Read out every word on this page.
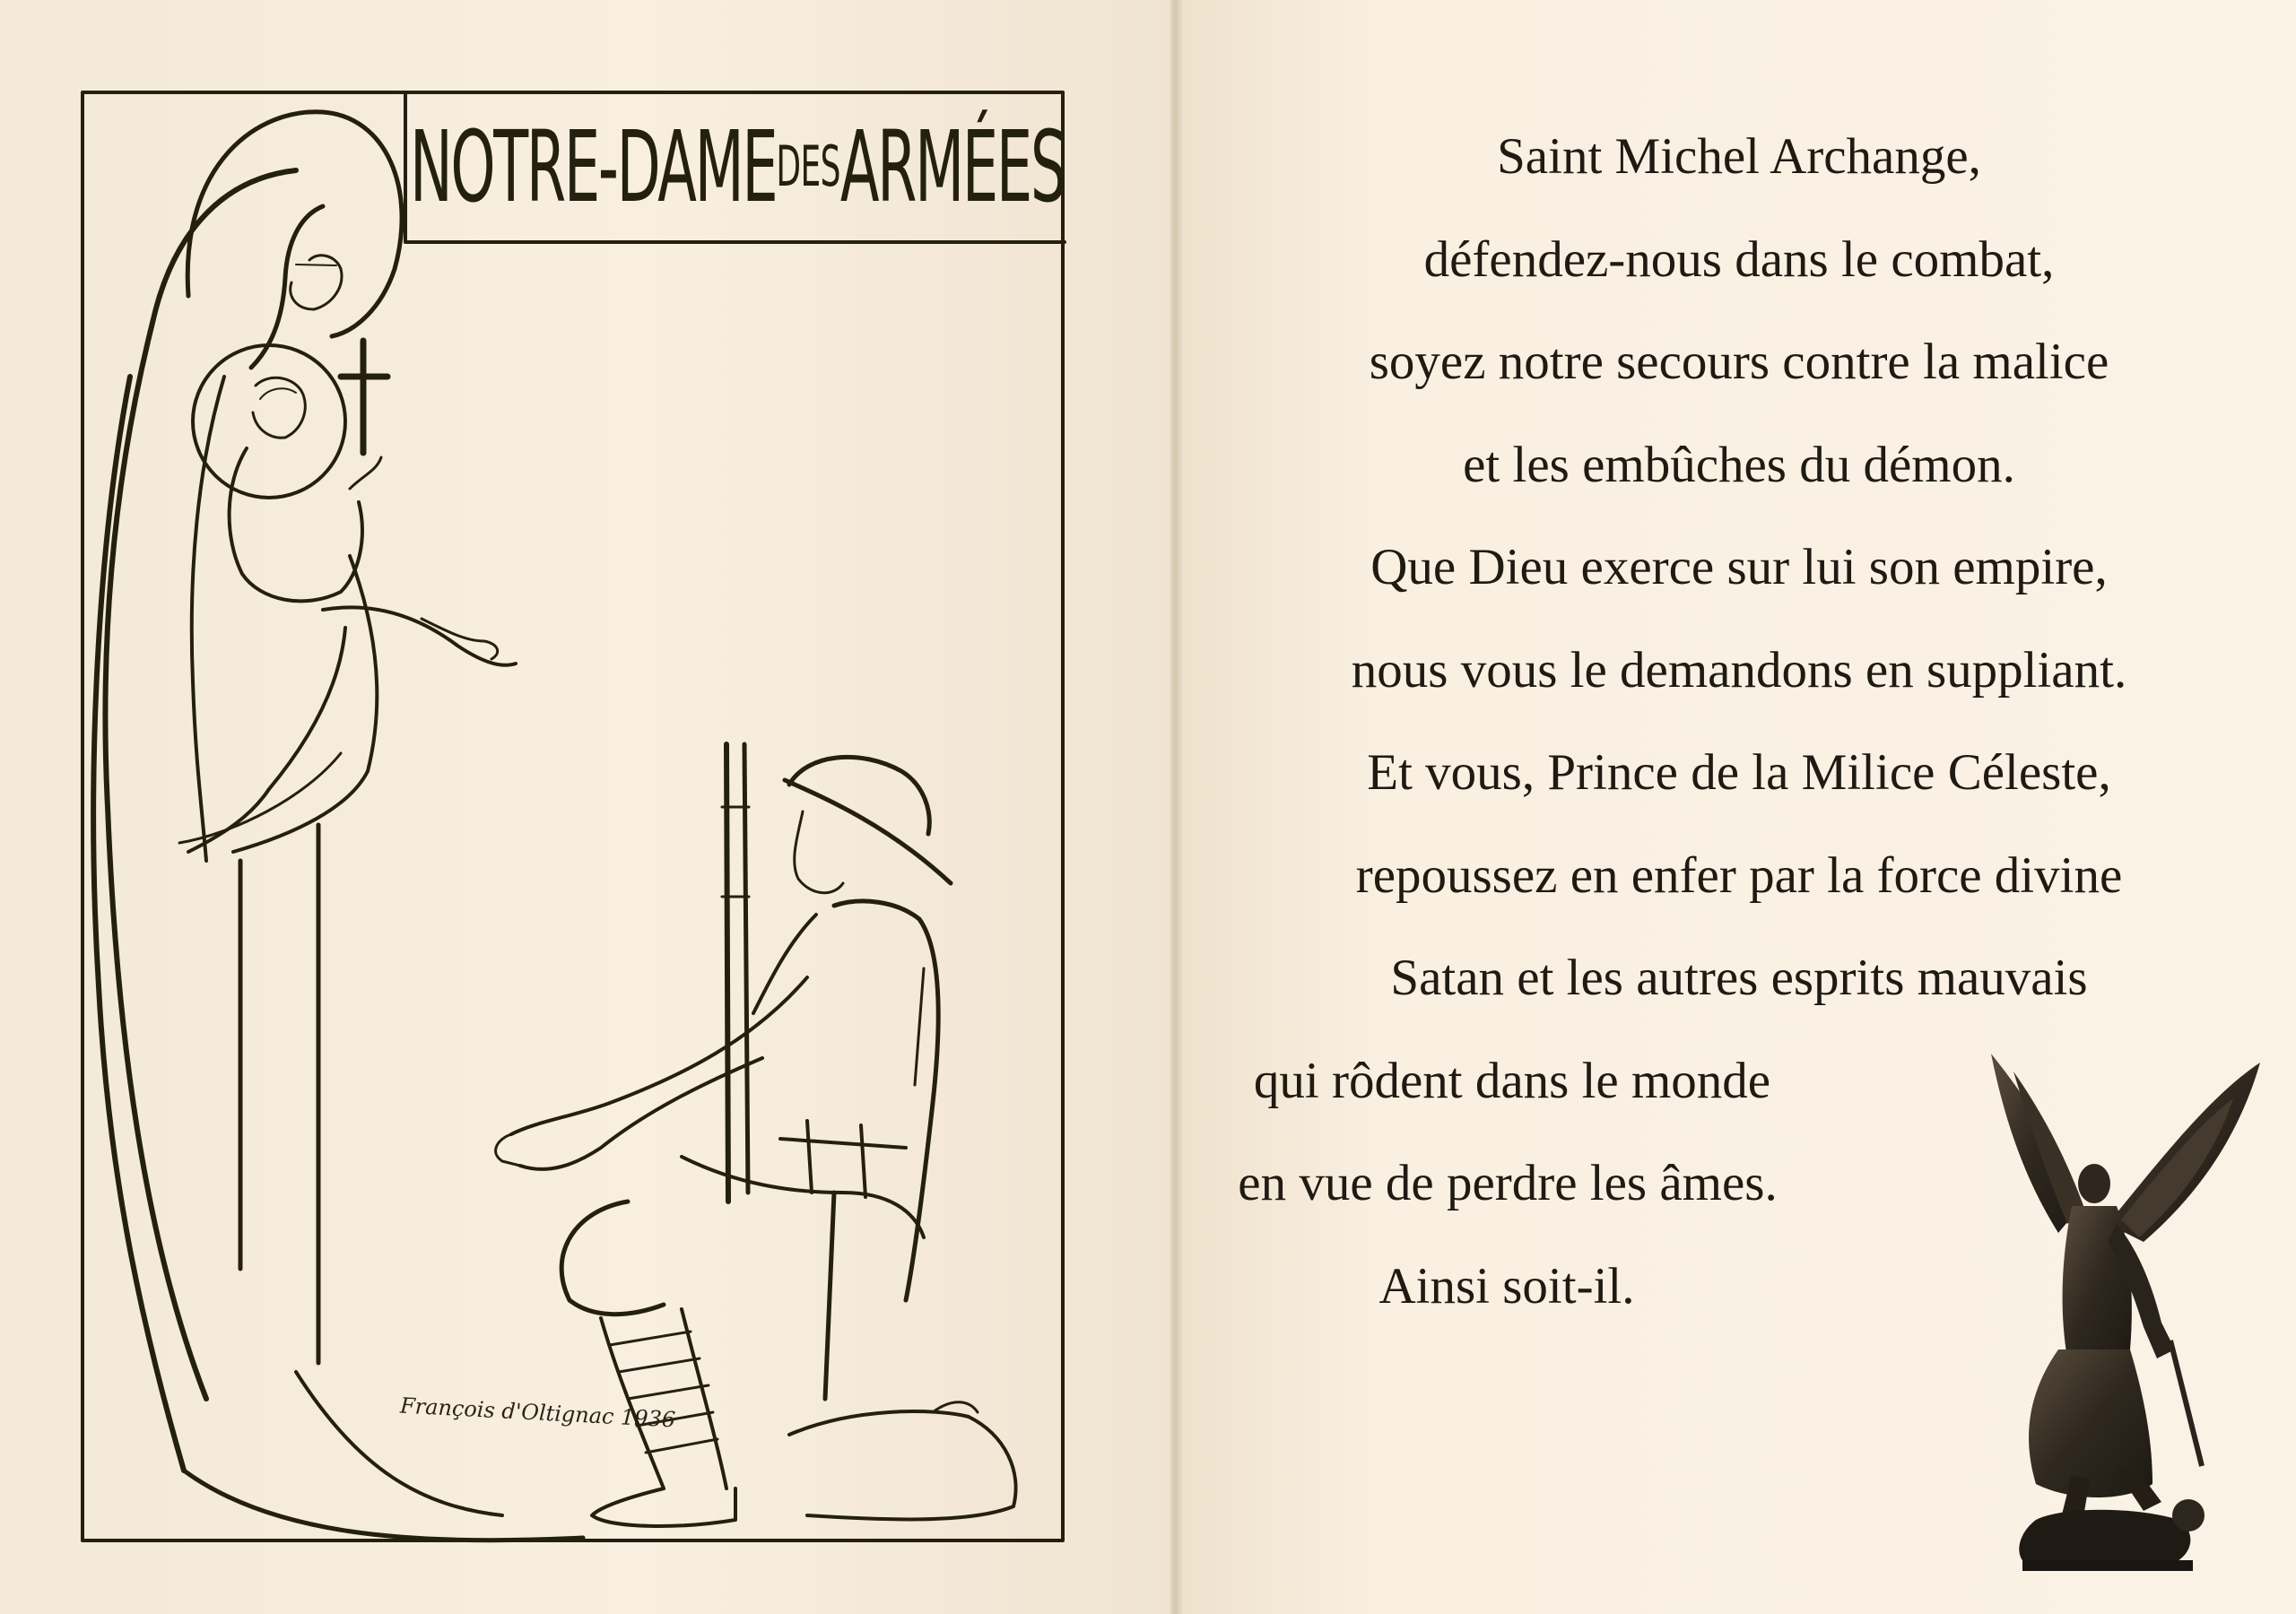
NOTRE-DAME DES ARMÉES
François d'Oltignac 1936
Saint Michel Archange,
défendez-nous dans le combat,
soyez notre secours contre la malice
et les embûches du démon.
Que Dieu exerce sur lui son empire,
nous vous le demandons en suppliant.
Et vous, Prince de la Milice Céleste,
repoussez en enfer par la force divine
Satan et les autres esprits mauvais
qui rôdent dans le monde
en vue de perdre les âmes.
Ainsi soit-il.
